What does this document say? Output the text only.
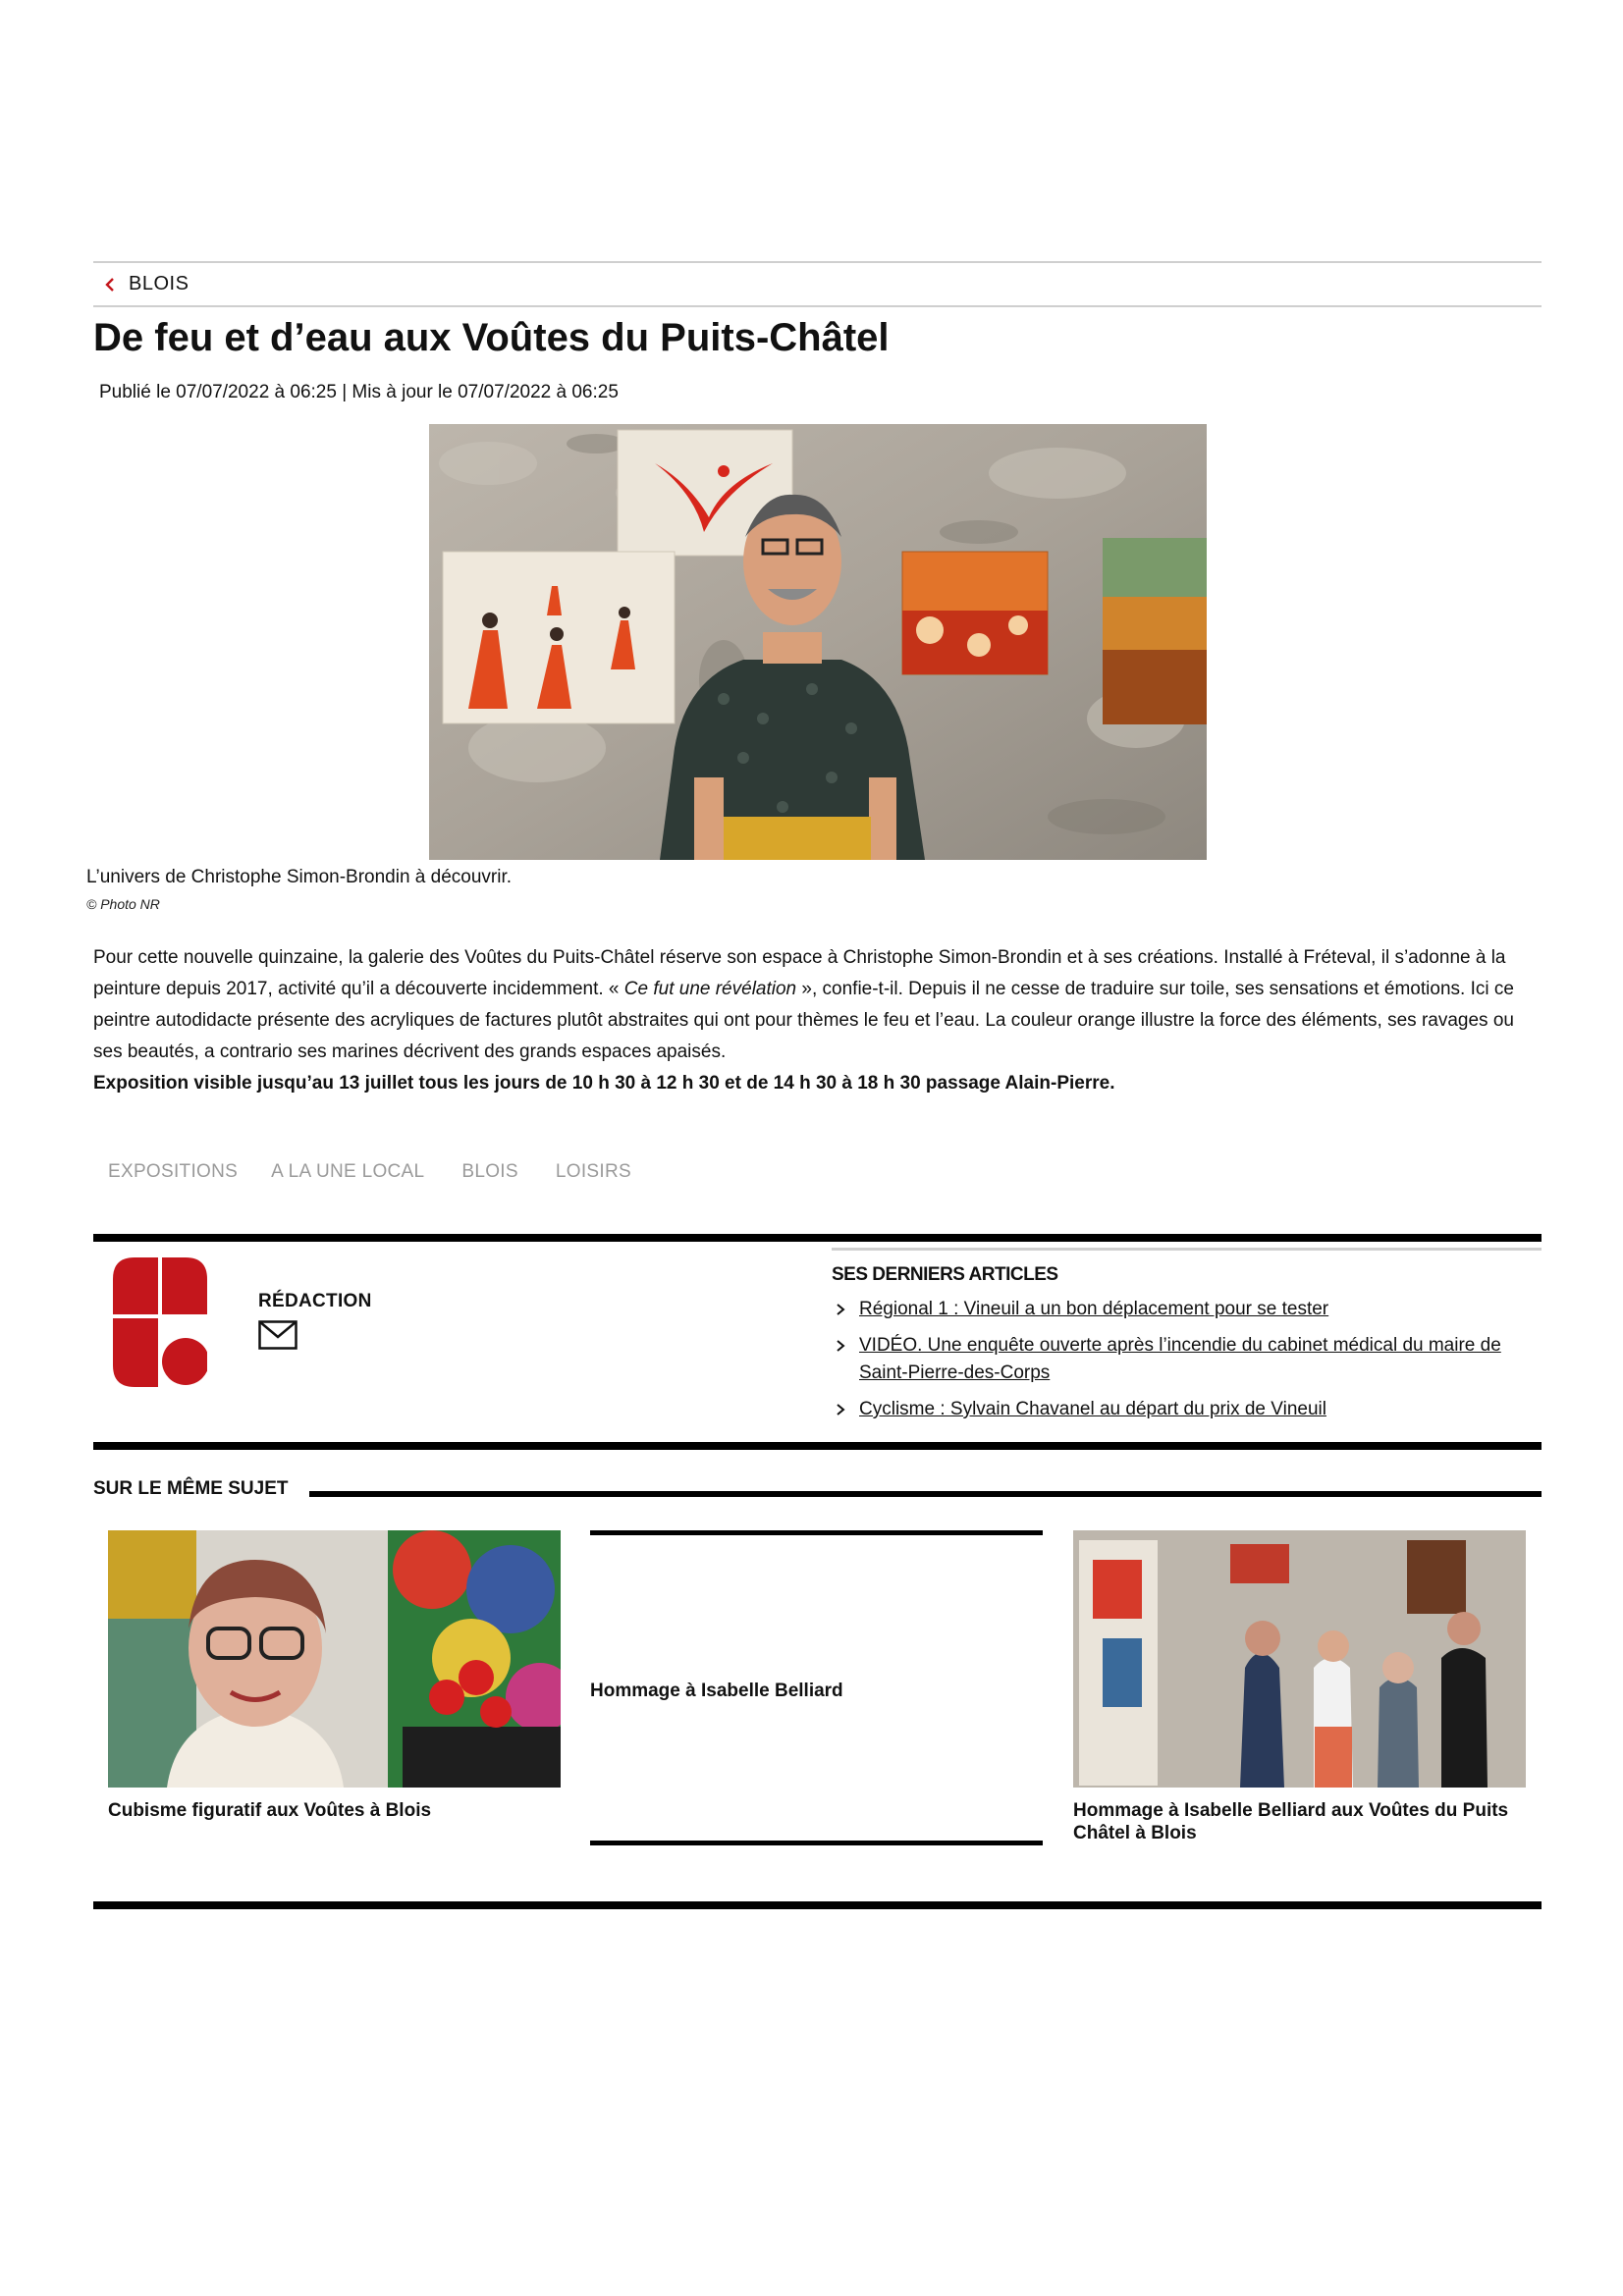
BLOIS
De feu et d’eau aux Voûtes du Puits-Châtel
Publié le 07/07/2022 à 06:25 | Mis à jour le 07/07/2022 à 06:25
L’univers de Christophe Simon-Brondin à découvrir.
© Photo NR
Pour cette nouvelle quinzaine, la galerie des Voûtes du Puits-Châtel réserve son espace à Christophe Simon-Brondin et à ses créations. Installé à Fréteval, il s’adonne à la peinture depuis 2017, activité qu’il a découverte incidemment. « Ce fut une révélation », confie-t-il. Depuis il ne cesse de traduire sur toile, ses sensations et émotions. Ici ce peintre autodidacte présente des acryliques de factures plutôt abstraites qui ont pour thèmes le feu et l’eau. La couleur orange illustre la force des éléments, ses ravages ou ses beautés, a contrario ses marines décrivent des grands espaces apaisés.
Exposition visible jusqu’au 13 juillet tous les jours de 10 h 30 à 12 h 30 et de 14 h 30 à 18 h 30 passage Alain-Pierre.
EXPOSITIONS A LA UNE LOCAL BLOIS LOISIRS
RÉDACTION
SES DERNIERS ARTICLES
Régional 1 : Vineuil a un bon déplacement pour se tester
VIDÉO. Une enquête ouverte après l’incendie du cabinet médical du maire de Saint-Pierre-des-Corps
Cyclisme : Sylvain Chavanel au départ du prix de Vineuil
SUR LE MÊME SUJET
Cubisme figuratif aux Voûtes à Blois
Hommage à Isabelle Belliard
Hommage à Isabelle Belliard aux Voûtes du Puits Châtel à Blois
